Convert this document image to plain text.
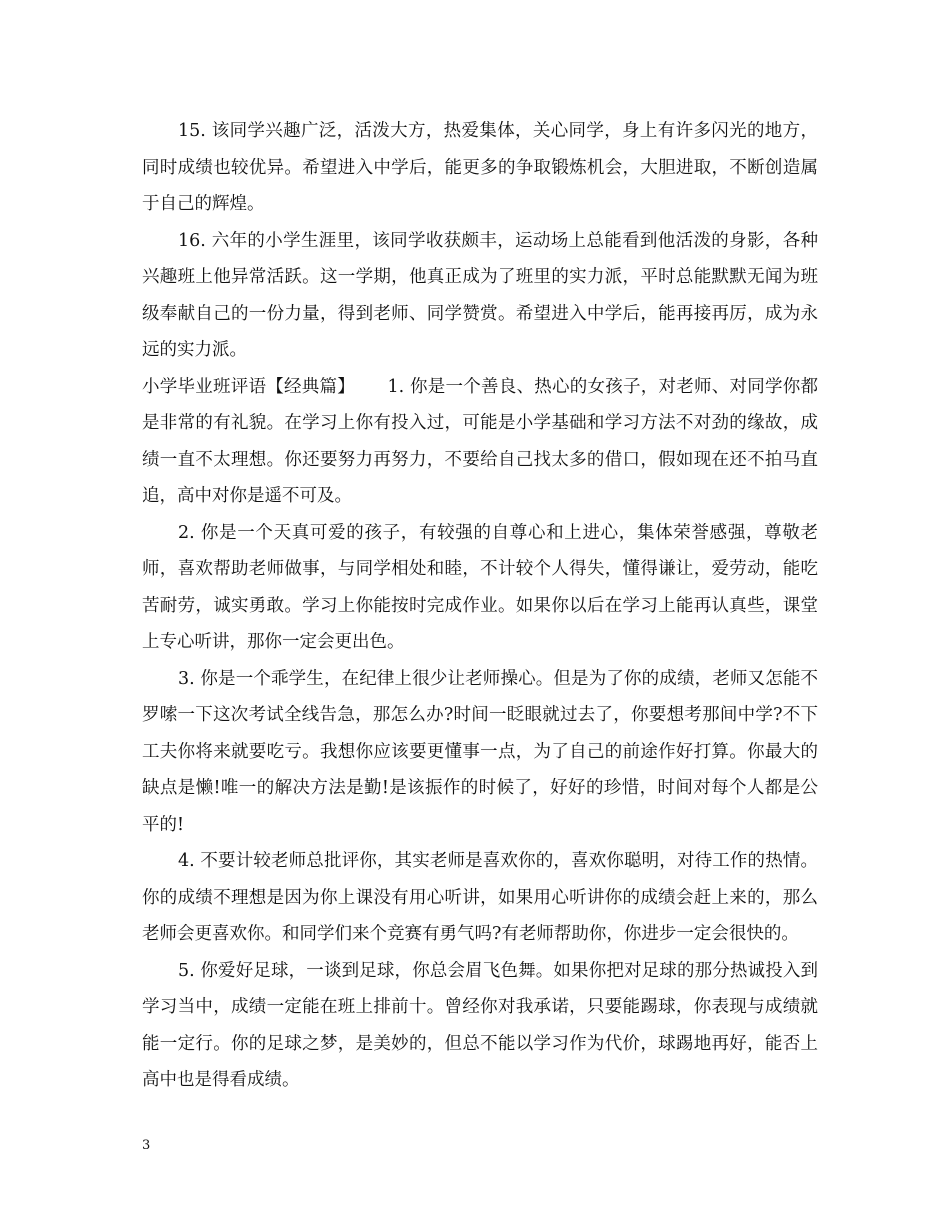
15. 该同学兴趣广泛，活泼大方，热爱集体，关心同学，身上有许多闪光的地方，同时成绩也较优异。希望进入中学后，能更多的争取锻炼机会，大胆进取，不断创造属于自己的辉煌。

16. 六年的小学生涯里，该同学收获颇丰，运动场上总能看到他活泼的身影，各种兴趣班上他异常活跃。这一学期，他真正成为了班里的实力派，平时总能默默无闻为班级奉献自己的一份力量，得到老师、同学赞赏。希望进入中学后，能再接再厉，成为永远的实力派。

小学毕业班评语【经典篇】　　 1. 你是一个善良、热心的女孩子，对老师、对同学你都是非常的有礼貌。在学习上你有投入过，可能是小学基础和学习方法不对劲的缘故，成绩一直不太理想。你还要努力再努力，不要给自己找太多的借口，假如现在还不拍马直追，高中对你是遥不可及。

2. 你是一个天真可爱的孩子，有较强的自尊心和上进心，集体荣誉感强，尊敬老师，喜欢帮助老师做事，与同学相处和睦，不计较个人得失，懂得谦让，爱劳动，能吃苦耐劳，诚实勇敢。学习上你能按时完成作业。如果你以后在学习上能再认真些，课堂上专心听讲，那你一定会更出色。

3. 你是一个乖学生，在纪律上很少让老师操心。但是为了你的成绩，老师又怎能不罗嗦一下这次考试全线告急，那怎么办?时间一眨眼就过去了，你要想考那间中学?不下工夫你将来就要吃亏。我想你应该要更懂事一点，为了自己的前途作好打算。你最大的缺点是懒!唯一的解决方法是勤!是该振作的时候了，好好的珍惜，时间对每个人都是公平的!

4. 不要计较老师总批评你，其实老师是喜欢你的，喜欢你聪明，对待工作的热情。你的成绩不理想是因为你上课没有用心听讲，如果用心听讲你的成绩会赶上来的，那么老师会更喜欢你。和同学们来个竞赛有勇气吗?有老师帮助你，你进步一定会很快的。

5. 你爱好足球，一谈到足球，你总会眉飞色舞。如果你把对足球的那分热诚投入到学习当中，成绩一定能在班上排前十。曾经你对我承诺，只要能踢球，你表现与成绩就能一定行。你的足球之梦，是美妙的，但总不能以学习作为代价，球踢地再好，能否上高中也是得看成绩。

3
